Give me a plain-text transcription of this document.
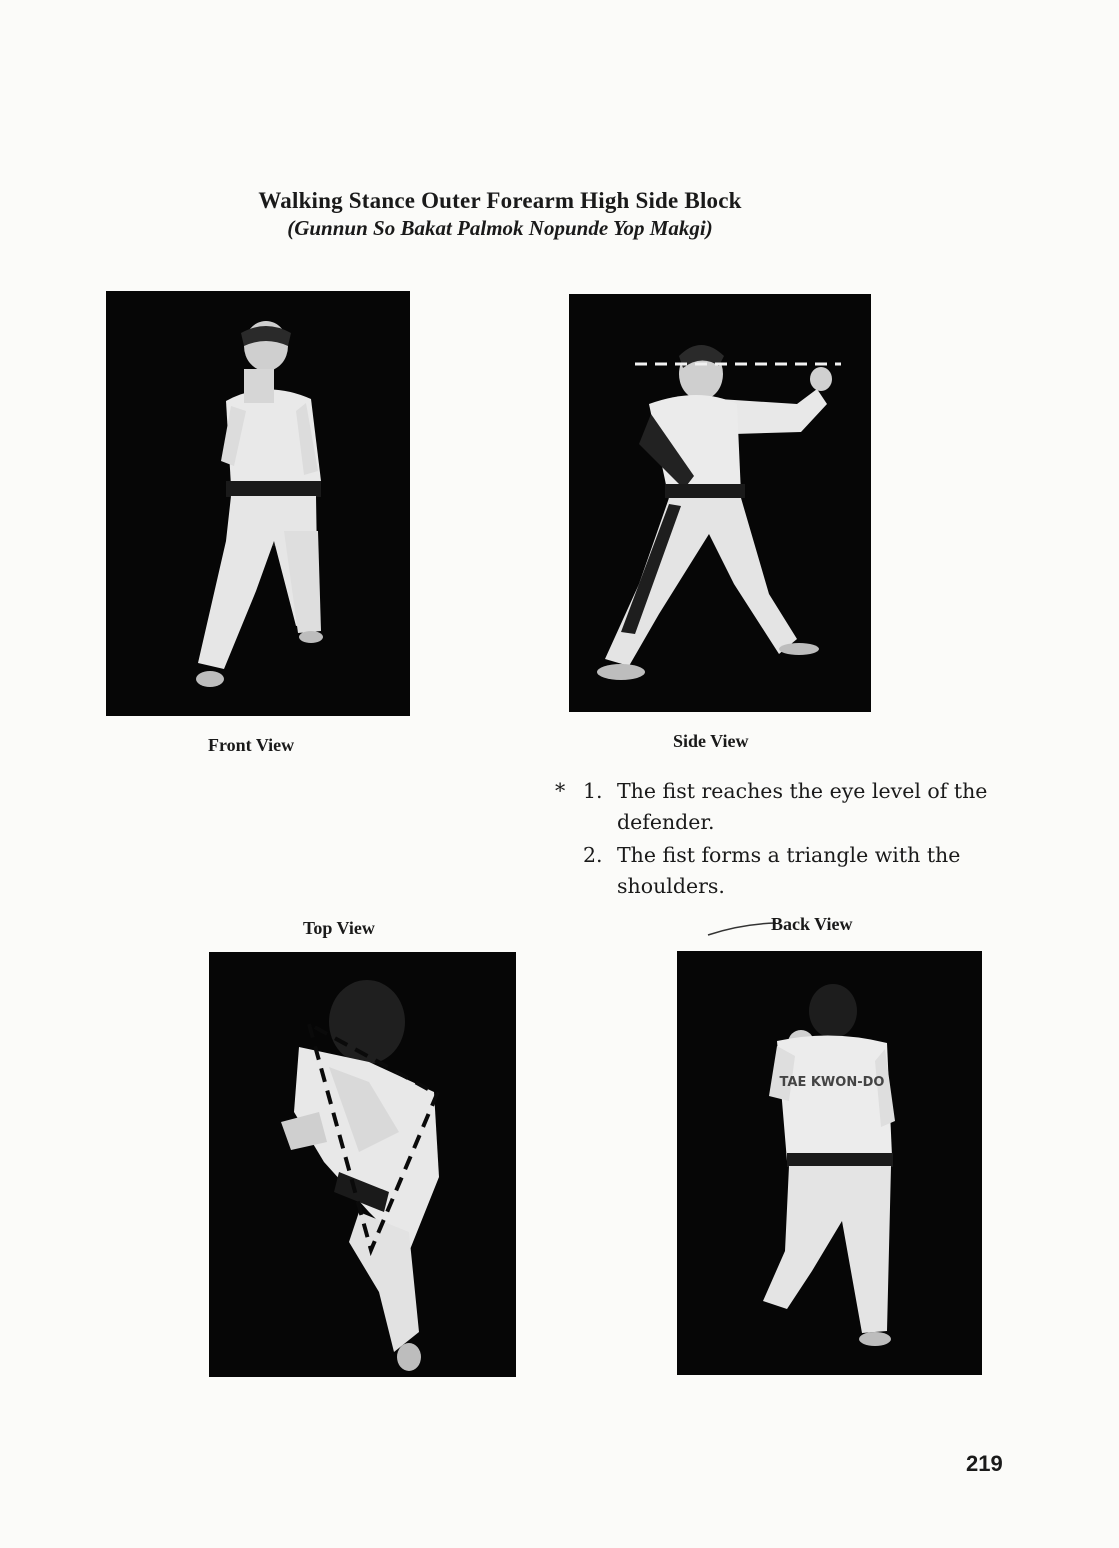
Walking Stance Outer Forearm High Side Block
(Gunnun So Bakat Palmok Nopunde Yop Makgi)
Front View	Side View
* 1. The fist reaches the eye level of the defender.
2. The fist forms a triangle with the shoulders.
Top View	Back View
TAE KWON-DO
219
